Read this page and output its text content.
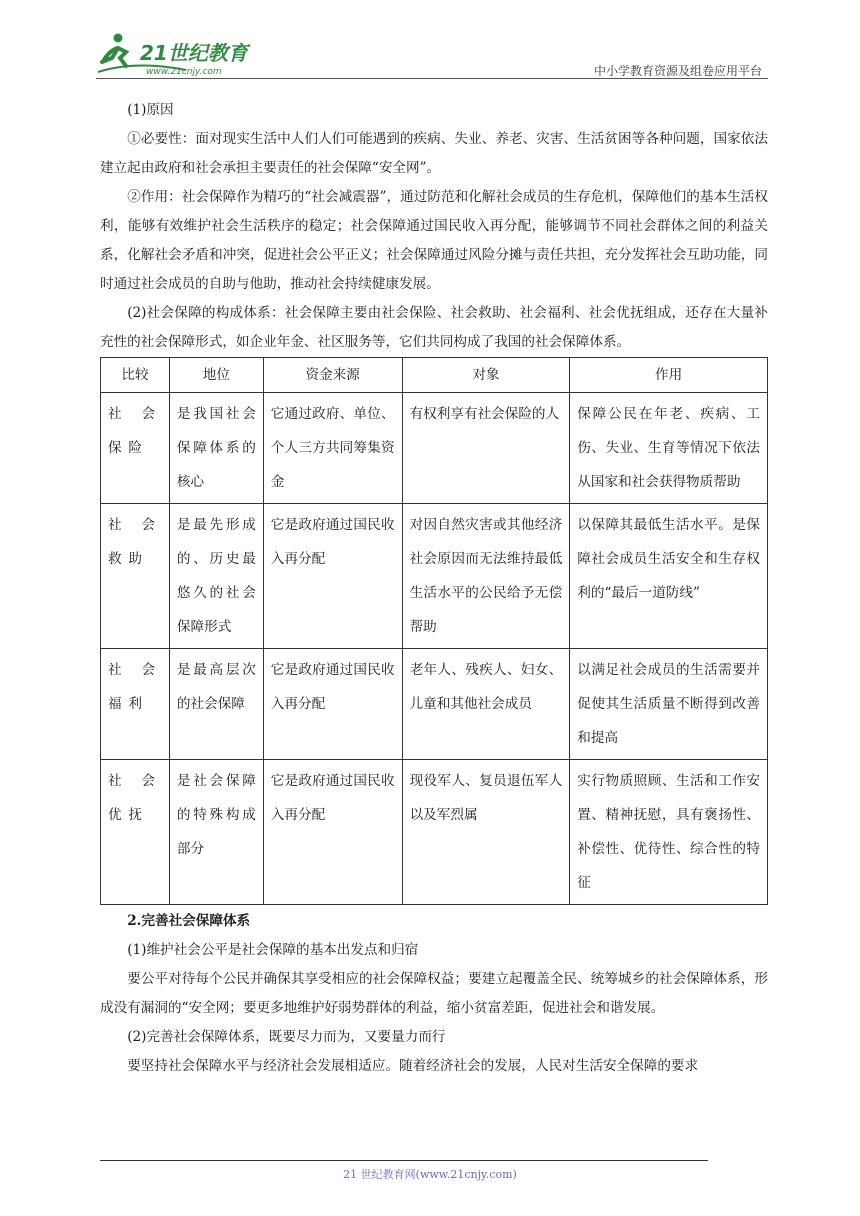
21世纪教育
www.21cnjy.com	中小学教育资源及组卷应用平台

(1)原因

①必要性：面对现实生活中人们人们可能遇到的疾病、失业、养老、灾害、生活贫困等各种问题，国家依法建立起由政府和社会承担主要责任的社会保障“安全网”。

②作用：社会保障作为精巧的“社会减震器”，通过防范和化解社会成员的生存危机，保障他们的基本生活权利，能够有效维护社会生活秩序的稳定；社会保障通过国民收入再分配，能够调节不同社会群体之间的利益关系，化解社会矛盾和冲突，促进社会公平正义；社会保障通过风险分摊与责任共担，充分发挥社会互助功能，同时通过社会成员的自助与他助，推动社会持续健康发展。

(2)社会保障的构成体系：社会保障主要由社会保险、社会救助、社会福利、社会优抚组成，还存在大量补充性的社会保障形式，如企业年金、社区服务等，它们共同构成了我国的社会保障体系。

比较	地位	资金来源	对象	作用
社会保险	是我国社会保障体系的核心	它通过政府、单位、个人三方共同筹集资金	有权利享有社会保险的人	保障公民在年老、疾病、工伤、失业、生育等情况下依法从国家和社会获得物质帮助
社会救助	是最先形成的、历史最悠久的社会保障形式	它是政府通过国民收入再分配	对因自然灾害或其他经济社会原因而无法维持最低生活水平的公民给予无偿帮助	以保障其最低生活水平。是保障社会成员生活安全和生存权利的“最后一道防线”
社会福利	是最高层次的社会保障	它是政府通过国民收入再分配	老年人、残疾人、妇女、儿童和其他社会成员	以满足社会成员的生活需要并促使其生活质量不断得到改善和提高
社会优抚	是社会保障的特殊构成部分	它是政府通过国民收入再分配	现役军人、复员退伍军人以及军烈属	实行物质照顾、生活和工作安置、精神抚慰，具有褒扬性、补偿性、优待性、综合性的特征

2.完善社会保障体系

(1)维护社会公平是社会保障的基本出发点和归宿

要公平对待每个公民并确保其享受相应的社会保障权益；要建立起覆盖全民、统筹城乡的社会保障体系，形成没有漏洞的“安全网；要更多地维护好弱势群体的利益，缩小贫富差距，促进社会和谐发展。

(2)完善社会保障体系，既要尽力而为，又要量力而行

要坚持社会保障水平与经济社会发展相适应。随着经济社会的发展，人民对生活安全保障的要求

21 世纪教育网(www.21cnjy.com)
